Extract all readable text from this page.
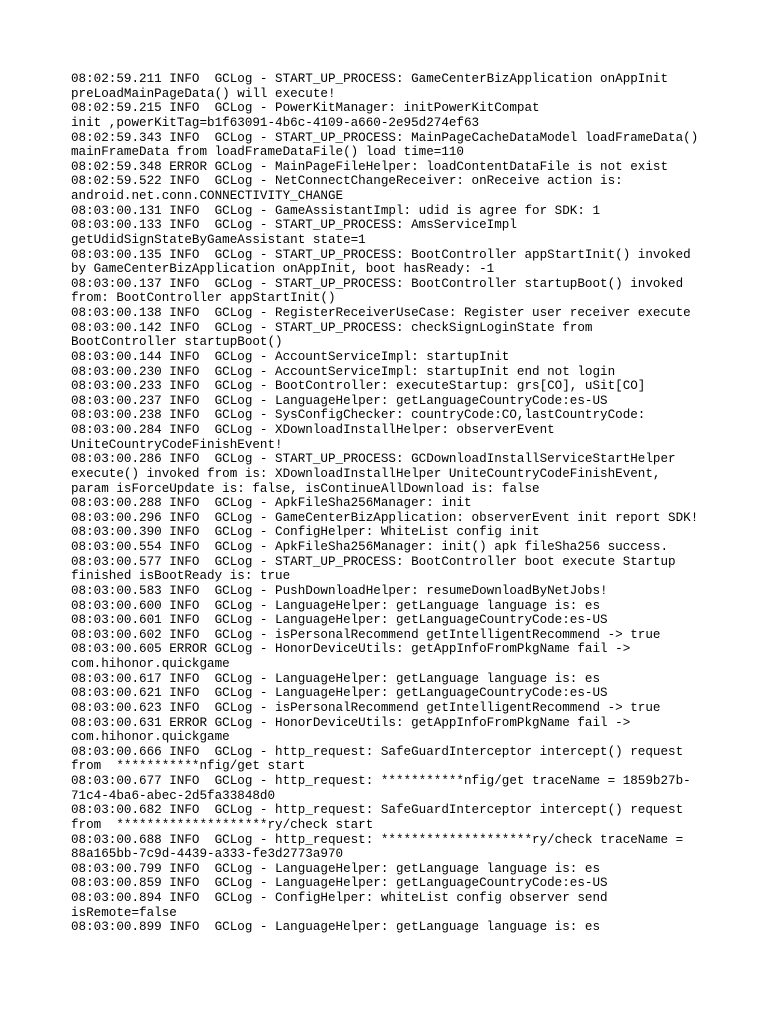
08:02:59.211 INFO  GCLog - START_UP_PROCESS: GameCenterBizApplication onAppInit
preLoadMainPageData() will execute!
08:02:59.215 INFO  GCLog - PowerKitManager: initPowerKitCompat
init ,powerKitTag=b1f63091-4b6c-4109-a660-2e95d274ef63
08:02:59.343 INFO  GCLog - START_UP_PROCESS: MainPageCacheDataModel loadFrameData()
mainFrameData from loadFrameDataFile() load time=110
08:02:59.348 ERROR GCLog - MainPageFileHelper: loadContentDataFile is not exist
08:02:59.522 INFO  GCLog - NetConnectChangeReceiver: onReceive action is:
android.net.conn.CONNECTIVITY_CHANGE
08:03:00.131 INFO  GCLog - GameAssistantImpl: udid is agree for SDK: 1
08:03:00.133 INFO  GCLog - START_UP_PROCESS: AmsServiceImpl
getUdidSignStateByGameAssistant state=1
08:03:00.135 INFO  GCLog - START_UP_PROCESS: BootController appStartInit() invoked
by GameCenterBizApplication onAppInit, boot hasReady: -1
08:03:00.137 INFO  GCLog - START_UP_PROCESS: BootController startupBoot() invoked
from: BootController appStartInit()
08:03:00.138 INFO  GCLog - RegisterReceiverUseCase: Register user receiver execute
08:03:00.142 INFO  GCLog - START_UP_PROCESS: checkSignLoginState from
BootController startupBoot()
08:03:00.144 INFO  GCLog - AccountServiceImpl: startupInit
08:03:00.230 INFO  GCLog - AccountServiceImpl: startupInit end not login
08:03:00.233 INFO  GCLog - BootController: executeStartup: grs[CO], uSit[CO]
08:03:00.237 INFO  GCLog - LanguageHelper: getLanguageCountryCode:es-US
08:03:00.238 INFO  GCLog - SysConfigChecker: countryCode:CO,lastCountryCode:
08:03:00.284 INFO  GCLog - XDownloadInstallHelper: observerEvent
UniteCountryCodeFinishEvent!
08:03:00.286 INFO  GCLog - START_UP_PROCESS: GCDownloadInstallServiceStartHelper
execute() invoked from is: XDownloadInstallHelper UniteCountryCodeFinishEvent,
param isForceUpdate is: false, isContinueAllDownload is: false
08:03:00.288 INFO  GCLog - ApkFileSha256Manager: init
08:03:00.296 INFO  GCLog - GameCenterBizApplication: observerEvent init report SDK!
08:03:00.390 INFO  GCLog - ConfigHelper: WhiteList config init
08:03:00.554 INFO  GCLog - ApkFileSha256Manager: init() apk fileSha256 success.
08:03:00.577 INFO  GCLog - START_UP_PROCESS: BootController boot execute Startup
finished isBootReady is: true
08:03:00.583 INFO  GCLog - PushDownloadHelper: resumeDownloadByNetJobs!
08:03:00.600 INFO  GCLog - LanguageHelper: getLanguage language is: es
08:03:00.601 INFO  GCLog - LanguageHelper: getLanguageCountryCode:es-US
08:03:00.602 INFO  GCLog - isPersonalRecommend getIntelligentRecommend -> true
08:03:00.605 ERROR GCLog - HonorDeviceUtils: getAppInfoFromPkgName fail ->
com.hihonor.quickgame
08:03:00.617 INFO  GCLog - LanguageHelper: getLanguage language is: es
08:03:00.621 INFO  GCLog - LanguageHelper: getLanguageCountryCode:es-US
08:03:00.623 INFO  GCLog - isPersonalRecommend getIntelligentRecommend -> true
08:03:00.631 ERROR GCLog - HonorDeviceUtils: getAppInfoFromPkgName fail ->
com.hihonor.quickgame
08:03:00.666 INFO  GCLog - http_request: SafeGuardInterceptor intercept() request
from  ***********nfig/get start
08:03:00.677 INFO  GCLog - http_request: ***********nfig/get traceName = 1859b27b-
71c4-4ba6-abec-2d5fa33848d0
08:03:00.682 INFO  GCLog - http_request: SafeGuardInterceptor intercept() request
from  ********************ry/check start
08:03:00.688 INFO  GCLog - http_request: ********************ry/check traceName =
88a165bb-7c9d-4439-a333-fe3d2773a970
08:03:00.799 INFO  GCLog - LanguageHelper: getLanguage language is: es
08:03:00.859 INFO  GCLog - LanguageHelper: getLanguageCountryCode:es-US
08:03:00.894 INFO  GCLog - ConfigHelper: whiteList config observer send
isRemote=false
08:03:00.899 INFO  GCLog - LanguageHelper: getLanguage language is: es
